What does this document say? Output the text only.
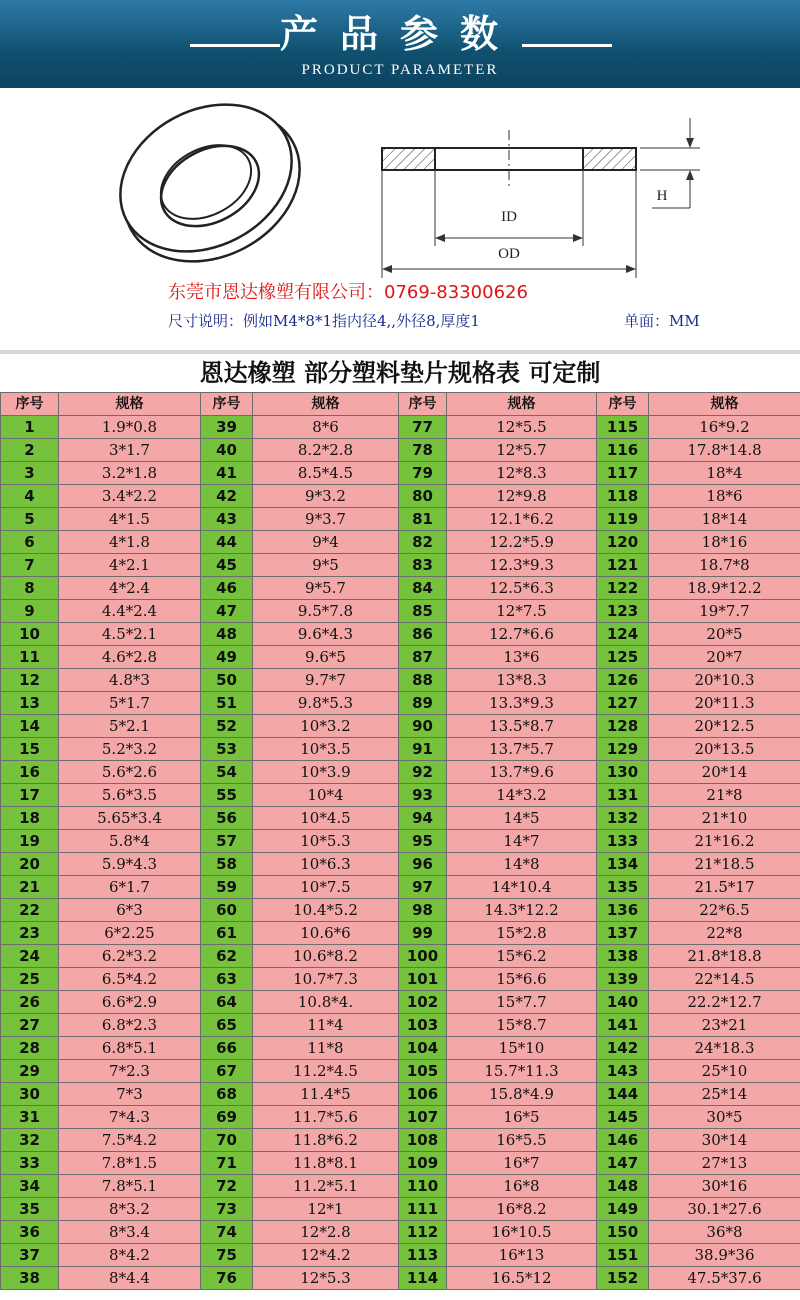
产品参数
PRODUCT PARAMETER
ID
OD
H
东莞市恩达橡塑有限公司：0769-83300626
尺寸说明：例如M4*8*1指内径4,,外径8,厚度1	单面：MM
恩达橡塑 部分塑料垫片规格表 可定制
序号	规格	序号	规格	序号	规格	序号	规格
1	1.9*0.8	39	8*6	77	12*5.5	115	16*9.2
2	3*1.7	40	8.2*2.8	78	12*5.7	116	17.8*14.8
3	3.2*1.8	41	8.5*4.5	79	12*8.3	117	18*4
4	3.4*2.2	42	9*3.2	80	12*9.8	118	18*6
5	4*1.5	43	9*3.7	81	12.1*6.2	119	18*14
6	4*1.8	44	9*4	82	12.2*5.9	120	18*16
7	4*2.1	45	9*5	83	12.3*9.3	121	18.7*8
8	4*2.4	46	9*5.7	84	12.5*6.3	122	18.9*12.2
9	4.4*2.4	47	9.5*7.8	85	12*7.5	123	19*7.7
10	4.5*2.1	48	9.6*4.3	86	12.7*6.6	124	20*5
11	4.6*2.8	49	9.6*5	87	13*6	125	20*7
12	4.8*3	50	9.7*7	88	13*8.3	126	20*10.3
13	5*1.7	51	9.8*5.3	89	13.3*9.3	127	20*11.3
14	5*2.1	52	10*3.2	90	13.5*8.7	128	20*12.5
15	5.2*3.2	53	10*3.5	91	13.7*5.7	129	20*13.5
16	5.6*2.6	54	10*3.9	92	13.7*9.6	130	20*14
17	5.6*3.5	55	10*4	93	14*3.2	131	21*8
18	5.65*3.4	56	10*4.5	94	14*5	132	21*10
19	5.8*4	57	10*5.3	95	14*7	133	21*16.2
20	5.9*4.3	58	10*6.3	96	14*8	134	21*18.5
21	6*1.7	59	10*7.5	97	14*10.4	135	21.5*17
22	6*3	60	10.4*5.2	98	14.3*12.2	136	22*6.5
23	6*2.25	61	10.6*6	99	15*2.8	137	22*8
24	6.2*3.2	62	10.6*8.2	100	15*6.2	138	21.8*18.8
25	6.5*4.2	63	10.7*7.3	101	15*6.6	139	22*14.5
26	6.6*2.9	64	10.8*4.	102	15*7.7	140	22.2*12.7
27	6.8*2.3	65	11*4	103	15*8.7	141	23*21
28	6.8*5.1	66	11*8	104	15*10	142	24*18.3
29	7*2.3	67	11.2*4.5	105	15.7*11.3	143	25*10
30	7*3	68	11.4*5	106	15.8*4.9	144	25*14
31	7*4.3	69	11.7*5.6	107	16*5	145	30*5
32	7.5*4.2	70	11.8*6.2	108	16*5.5	146	30*14
33	7.8*1.5	71	11.8*8.1	109	16*7	147	27*13
34	7.8*5.1	72	11.2*5.1	110	16*8	148	30*16
35	8*3.2	73	12*1	111	16*8.2	149	30.1*27.6
36	8*3.4	74	12*2.8	112	16*10.5	150	36*8
37	8*4.2	75	12*4.2	113	16*13	151	38.9*36
38	8*4.4	76	12*5.3	114	16.5*12	152	47.5*37.6
